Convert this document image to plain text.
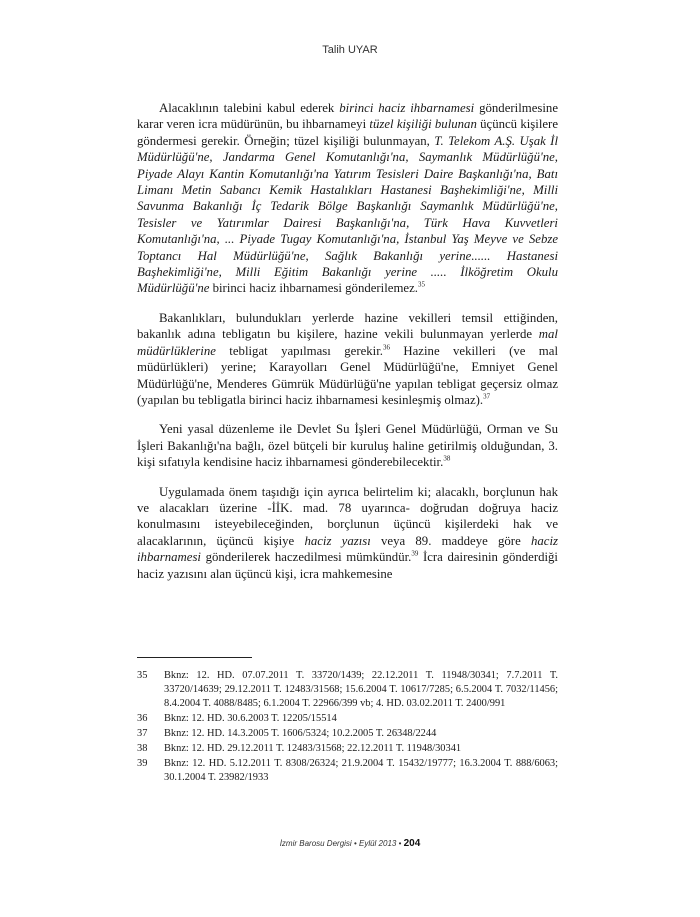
Talih UYAR

Alacaklının talebini kabul ederek birinci haciz ihbarnamesi gönderilmesine karar veren icra müdürünün, bu ihbarnameyi tüzel kişiliği bulunan üçüncü kişilere göndermesi gerekir. Örneğin; tüzel kişiliği bulunmayan, T. Telekom A.Ş. Uşak İl Müdürlüğü'ne, Jandarma Genel Komutanlığı'na, Saymanlık Müdürlüğü'ne, Piyade Alayı Kantin Komutanlığı'na Yatırım Tesisleri Daire Başkanlığı'na, Batı Limanı Metin Sabancı Kemik Hastalıkları Hastanesi Başhekimliği'ne, Milli Savunma Bakanlığı İç Tedarik Bölge Başkanlığı Saymanlık Müdürlüğü'ne, Tesisler ve Yatırımlar Dairesi Başkanlığı'na, Türk Hava Kuvvetleri Komutanlığı'na, ... Piyade Tugay Komutanlığı'na, İstanbul Yaş Meyve ve Sebze Toptancı Hal Müdürlüğü'ne, Sağlık Bakanlığı yerine...... Hastanesi Başhekimliği'ne, Milli Eğitim Bakanlığı yerine ..... İlköğretim Okulu Müdürlüğü'ne birinci haciz ihbarnamesi gönderilemez.$^{35}$

Bakanlıkları, bulundukları yerlerde hazine vekilleri temsil ettiğinden, bakanlık adına tebligatın bu kişilere, hazine vekili bulunmayan yerlerde mal müdürlüklerine tebligat yapılması gerekir.$^{36}$ Hazine vekilleri (ve mal müdürlükleri) yerine; Karayolları Genel Müdürlüğü'ne, Emniyet Genel Müdürlüğü'ne, Menderes Gümrük Müdürlüğü'ne yapılan tebligat geçersiz olmaz (yapılan bu tebligatla birinci haciz ihbarnamesi kesinleşmiş olmaz).$^{37}$

Yeni yasal düzenleme ile Devlet Su İşleri Genel Müdürlüğü, Orman ve Su İşleri Bakanlığı'na bağlı, özel bütçeli bir kuruluş haline getirilmiş olduğundan, 3. kişi sıfatıyla kendisine haciz ihbarnamesi gönderebilecektir.$^{38}$

Uygulamada önem taşıdığı için ayrıca belirtelim ki; alacaklı, borçlunun hak ve alacakları üzerine -İİK. mad. 78 uyarınca- doğrudan doğruya haciz konulmasını isteyebileceğinden, borçlunun üçüncü kişilerdeki hak ve alacaklarının, üçüncü kişiye haciz yazısı veya 89. maddeye göre haciz ihbarnamesi gönderilerek haczedilmesi mümkündür.$^{39}$ İcra dairesinin gönderdiği haciz yazısını alan üçüncü kişi, icra mahkemesine

35	Bknz: 12. HD. 07.07.2011 T. 33720/1439; 22.12.2011 T. 11948/30341; 7.7.2011 T. 33720/14639; 29.12.2011 T. 12483/31568; 15.6.2004 T. 10617/7285; 6.5.2004 T. 7032/11456; 8.4.2004 T. 4088/8485; 6.1.2004 T. 22966/399 vb; 4. HD. 03.02.2011 T. 2400/991
36	Bknz: 12. HD. 30.6.2003 T. 12205/15514
37	Bknz: 12. HD. 14.3.2005 T. 1606/5324; 10.2.2005 T. 26348/2244
38	Bknz: 12. HD. 29.12.2011 T. 12483/31568; 22.12.2011 T. 11948/30341
39	Bknz: 12. HD. 5.12.2011 T. 8308/26324; 21.9.2004 T. 15432/19777; 16.3.2004 T. 888/6063; 30.1.2004 T. 23982/1933
İzmir Barosu Dergisi • Eylül 2013 • 204
